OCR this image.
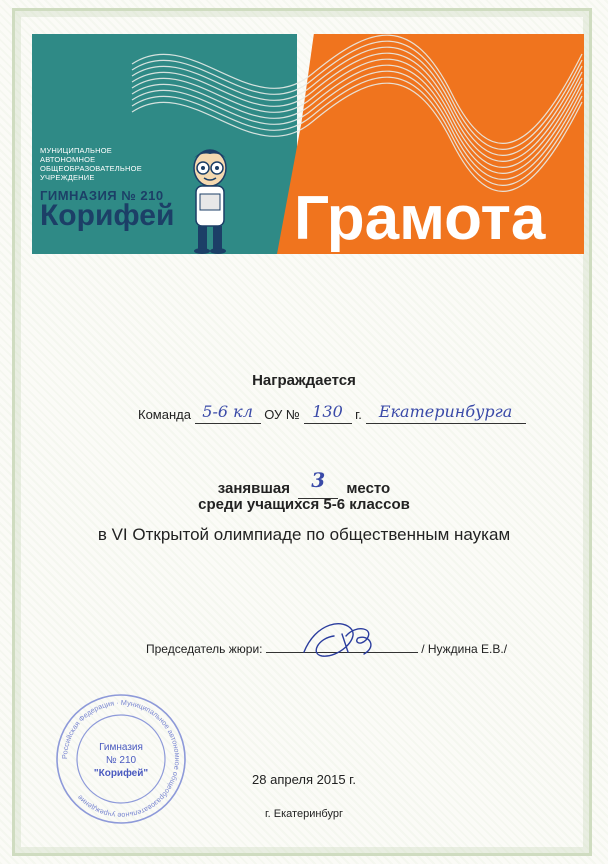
МУНИЦИПАЛЬНОЕ
АВТОНОМНОЕ
ОБЩЕОБРАЗОВАТЕЛЬНОЕ
УЧРЕЖДЕНИЕ
ГИМНАЗИЯ № 210
Корифей	Грамота
Награждается
Команда 5-6 кл ОУ № 130 г. Екатеринбурга
занявшая 3 место
среди учащихся 5-6 классов
в VI Открытой олимпиаде по общественным наукам
Председатель жюри:	/ Нуждина Е.В./
Российская Федерация · Муниципальное автономное общеобразовательное учреждение
Гимназия
№ 210
"Корифей"	28 апреля 2015 г.
г. Екатеринбург
